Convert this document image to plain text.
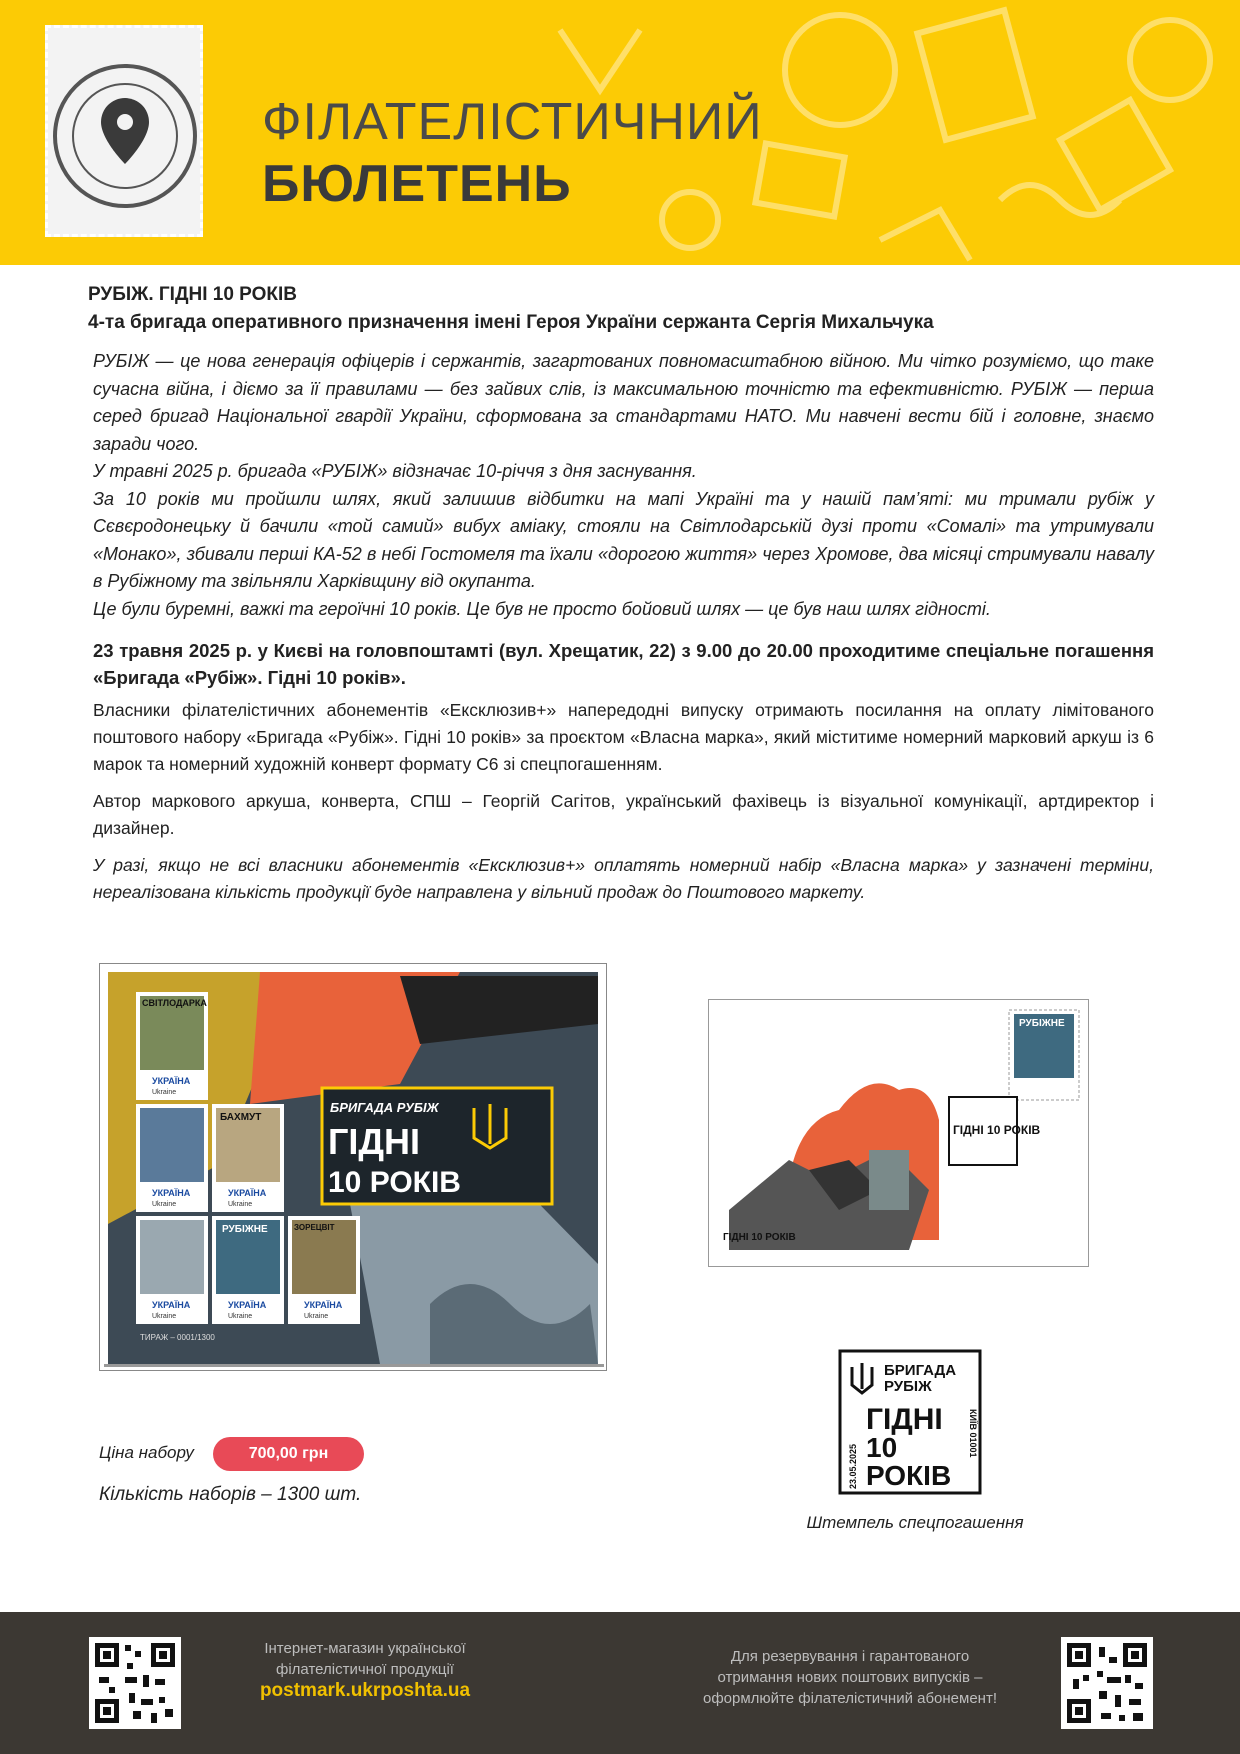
ФІЛАТЕЛІСТИЧНИЙ
БЮЛЕТЕНЬ
РУБІЖ. ГІДНІ 10 РОКІВ
4-та бригада оперативного призначення імені Героя України сержанта Сергія Михальчука

РУБІЖ — це нова генерація офіцерів і сержантів, загартованих повномасштабною війною. Ми чітко розуміємо, що таке сучасна війна, і діємо за її правилами — без зайвих слів, із максимальною точністю та ефективністю. РУБІЖ — перша серед бригад Національної гвардії України, сформована за стандартами НАТО. Ми навчені вести бій і головне, знаємо заради чого.

У травні 2025 р. бригада «РУБІЖ» відзначає 10-річчя з дня заснування.

За 10 років ми пройшли шлях, який залишив відбитки на мапі Україні та у нашій пам’яті: ми тримали рубіж у Сєвєродонецьку й бачили «той самий» вибух аміаку, стояли на Світлодарській дузі проти «Сомалі» та утримували «Монако», збивали перші КА-52 в небі Гостомеля та їхали «дорогою життя» через Хромове, два місяці стримували навалу в Рубіжному та звільняли Харківщину від окупанта.

Це були буремні, важкі та героїчні 10 років. Це був не просто бойовий шлях — це був наш шлях гідності.

23 травня 2025 р. у Києві на головпоштамті (вул. Хрещатик, 22) з 9.00 до 20.00 проходитиме спеціальне погашення «Бригада «Рубіж». Гідні 10 років».
Власники філателістичних абонементів «Ексклюзив+» напередодні випуску отримають посилання на оплату лімітованого поштового набору «Бригада «Рубіж». Гідні 10 років» за проєктом «Власна марка», який міститиме номерний марковий аркуш із 6 марок та номерний художній конверт формату С6 зі спецпогашенням.
Автор маркового аркуша, конверта, СПШ – Георгій Сагітов, український фахівець із візуальної комунікації, артдиректор і дизайнер.
У разі, якщо не всі власники абонементів «Ексклюзив+» оплатять номерний набір «Власна марка» у зазначені терміни, нереалізована кількість продукції буде направлена у вільний продаж до Поштового маркету.
БРИГАДА РУБІЖ
ГІДНІ
10 РОКІВ
СВІТЛОДАРКА
УКРАЇНА
Ukraine
УКРАЇНА
Ukraine
БАХМУТ
УКРАЇНА
Ukraine
УКРАЇНА
Ukraine
РУБІЖНЕ
УКРАЇНА
Ukraine
ЗОРЕЦВІТ
УКРАЇНА
Ukraine
ТИРАЖ – 0001/1300
РУБІЖНЕ
ГІДНІ 10 РОКІВ
ГІДНІ 10 РОКІВ
БРИГАДА
РУБІЖ
ГІДНІ
10
РОКІВ
23.05.2025
КИЇВ 01001
Ціна набору	700,00 грн
Кількість наборів – 1300 шт.
Штемпель спецпогашення
Інтернет-магазин української
філателістичної продукції
postmark.ukrposhta.ua
Для резервування і гарантованого
отримання нових поштових випусків –
оформлюйте філателістичний абонемент!
